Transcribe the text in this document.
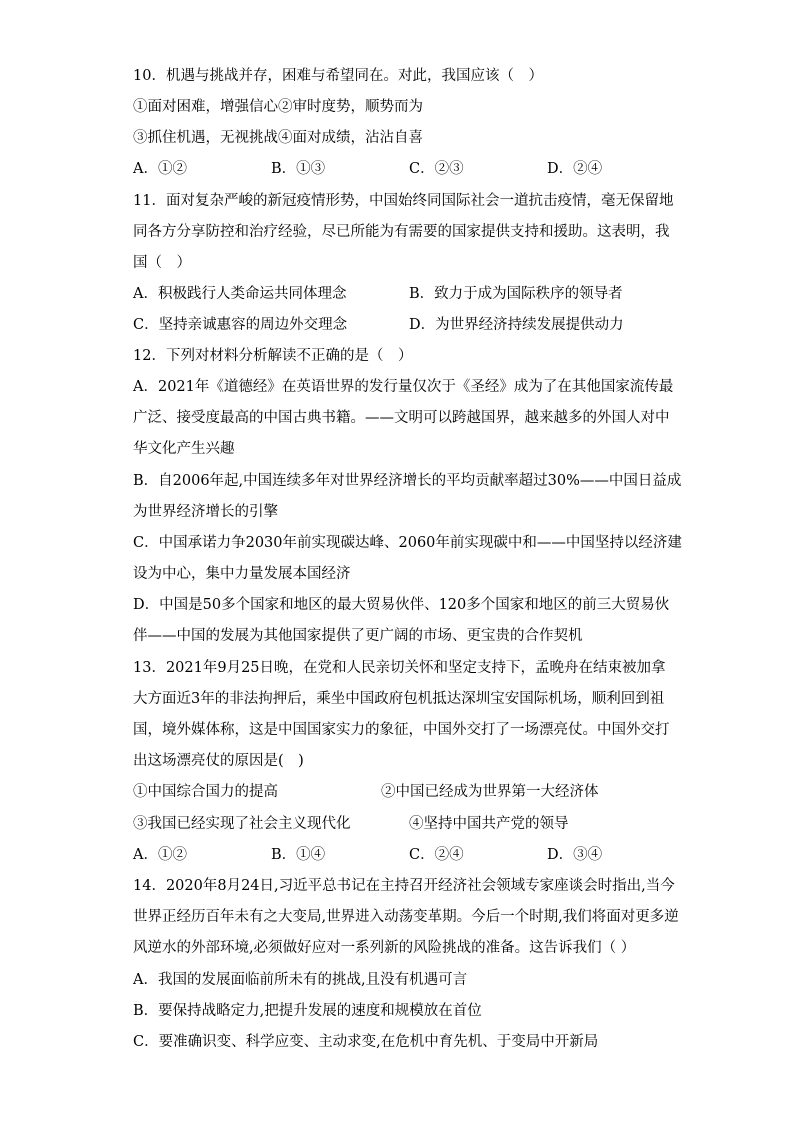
10．机遇与挑战并存，困难与希望同在。对此，我国应该（　）
①面对困难，增强信心②审时度势，顺势而为
③抓住机遇，无视挑战④面对成绩，沾沾自喜
A．①②	B．①③	C．②③	D．②④
11．面对复杂严峻的新冠疫情形势，中国始终同国际社会一道抗击疫情，毫无保留地
同各方分享防控和治疗经验，尽已所能为有需要的国家提供支持和援助。这表明，我
国（　）
A．积极践行人类命运共同体理念	B．致力于成为国际秩序的领导者
C．坚持亲诚惠容的周边外交理念	D．为世界经济持续发展提供动力
12．下列对材料分析解读不正确的是（　）
A．2021年《道德经》在英语世界的发行量仅次于《圣经》成为了在其他国家流传最
广泛、接受度最高的中国古典书籍。——文明可以跨越国界，越来越多的外国人对中
华文化产生兴趣
B．自2006年起,中国连续多年对世界经济增长的平均贡献率超过30%——中国日益成
为世界经济增长的引擎
C．中国承诺力争2030年前实现碳达峰、2060年前实现碳中和——中国坚持以经济建
设为中心，集中力量发展本国经济
D．中国是50多个国家和地区的最大贸易伙伴、120多个国家和地区的前三大贸易伙
伴——中国的发展为其他国家提供了更广阔的市场、更宝贵的合作契机
13．2021年9月25日晚，在党和人民亲切关怀和坚定支持下，孟晚舟在结束被加拿
大方面近3年的非法拘押后，乘坐中国政府包机抵达深圳宝安国际机场，顺利回到祖
国，境外媒体称，这是中国国家实力的象征，中国外交打了一场漂亮仗。中国外交打
出这场漂亮仗的原因是(　)
①中国综合国力的提高	②中国已经成为世界第一大经济体
③我国已经实现了社会主义现代化	④坚持中国共产党的领导
A．①②	B．①④	C．②④	D．③④
14．2020年8月24日,习近平总书记在主持召开经济社会领域专家座谈会时指出,当今
世界正经历百年未有之大变局,世界进入动荡变革期。今后一个时期,我们将面对更多逆
风逆水的外部环境,必须做好应对一系列新的风险挑战的准备。这告诉我们（ ）
A．我国的发展面临前所未有的挑战,且没有机遇可言
B．要保持战略定力,把提升发展的速度和规模放在首位
C．要准确识变、科学应变、主动求变,在危机中育先机、于变局中开新局
